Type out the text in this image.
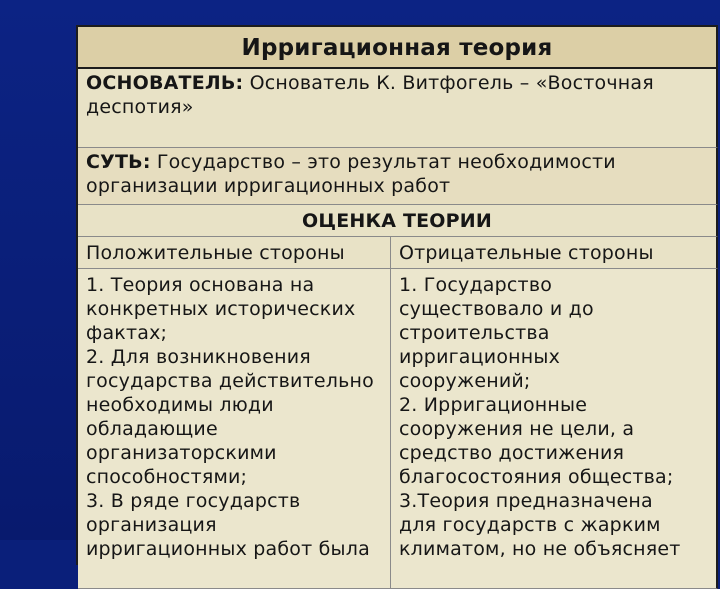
Ирригационная теория
ОСНОВАТЕЛЬ: Основатель К. Витфогель – «Восточная деспотия»
СУТЬ: Государство – это результат необходимости организации ирригационных работ
ОЦЕНКА ТЕОРИИ
Положительные стороны	Отрицательные стороны
1. Теория основана на
конкретных исторических
фактах;
2. Для возникновения
государства действительно
необходимы люди
обладающие
организаторскими
способностями;
3. В ряде государств
организация
ирригационных работ была
1. Государство
существовало и до
строительства
ирригационных
сооружений;
2. Ирригационные
сооружения не цели, а
средство достижения
благосостояния общества;
3.Теория предназначена
для государств с жарким
климатом, но не объясняет
